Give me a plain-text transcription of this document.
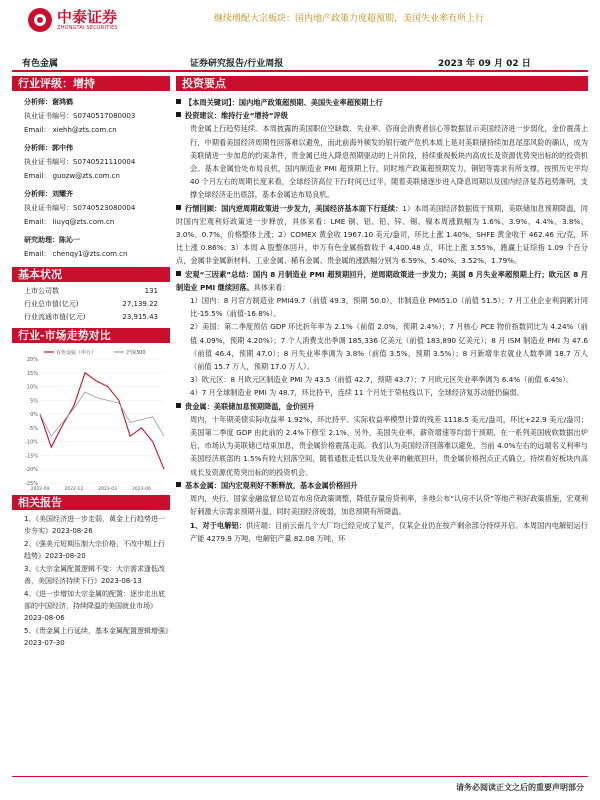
中泰证券
ZHONGTAI SECURITIES
继续增配大宗板块：国内地产政策力度超预期，美国失业率有所上行
有色金属	证券研究报告/行业周报	2023 年 09 月 02 日
行业评级：增持
分析师：谢鸿鹤
执业证书编号：S0740517080003
Email： xiehh@zts.com.cn
分析师：郭中伟
执业证书编号：S0740521110004
Email： guozw@zts.com.cn
分析师：刘耀齐
执业证书编号：S0740523080004
Email： liuyq@zts.com.cn
研究助理：陈沁一
Email： chenqy1@zts.com.cn
基本状况
上市公司数	131
行业总市值(亿元)	27,139.22
行业流通市值(亿元)	23,915.43
行业-市场走势对比
20%
15%
10%
5%
0%
-5%
-10%
-15%
-20%
-25%
2022-09	2022-12	2023-03	2023-06
有色金属（申万）	沪深300
相关报告
1、《美国经济进一步走弱，黄金上行趋势进一步夯实》2023-08-26
2、《强美元短期压制大宗价格，不改中期上行趋势》2023-08-20
3、《大宗金属配置逻辑不变：大宗需求逢低改善，美国经济持续下行》2023-08-13
4、《进一步增加大宗金属的配置：逐步走出底部的中国经济，持续降温的美国就业市场》2023-08-06
5、《贵金属上行延续，基本金属配置逻辑增强》2023-07-30
投资要点
【本周关键词】：国内地产政策超预期、美国失业率超预期上行
投资建议：维持行业“增持”评级
贵金属上行趋势延续。本周披露的美国职位空缺数、失业率、咨商会消费者信心等数据显示美国经济进一步弱化，金价震荡上行，中期看美国经济周期性回落难以避免，而此前海外频发的银行破产危机本质上是对美联储持续加息尾部风险的确认，成为美联储进一步加息的约束条件，贵金属已进入降息预期驱动的上升阶段，持续重视板块内高成长及资源优势突出标的的投资机会。基本金属恰处布局良机，国内制造业 PMI 超预期上行，同时地产政策超预期发力，铜铝等需求有所支撑，按照历史平均 40 个月左右的周期长度来看，全球经济高位下行时间已过半，随着美联储逐步进入降息周期以及国内经济复苏趋势渐明，支撑全球经济走出底部，基本金属达布局良机。
行情回顾：国内逆周期政策进一步发力，美国经济基本面下行延续：1）本周美国经济数据低于预期，美联储加息预期降温，同时国内宏观利好政策进一步释放，具体来看：LME 铜、铝、铅、锌、锡、镍本周涨跌幅为 1.6%、3.9%、4.4%、3.8%、3.0%、0.7%，价格整体上涨；2）COMEX 黄金收 1967.10 美元/盎司，环比上涨 1.40%，SHFE 黄金收于 462.46 元/克，环比上涨 0.86%；3）本周 A 股整体回升，申万有色金属指数收于 4,400.48 点，环比上涨 3.55%，跑赢上证综指 1.09 个百分点，金属非金属新材料、工业金属、稀有金属、贵金属的涨跌幅分别为 6.59%、5.40%、3.52%、1.79%。
宏观“三因素”总结：国内 8 月制造业 PMI 超预期回升，逆周期政策进一步发力；美国 8 月失业率超预期上行；欧元区 8 月制造业 PMI 继续回落。具体来看：
1）国内：8 月官方制造业 PMI49.7（前值 49.3，预期 50.0），非制造业 PMI51.0（前值 51.5）；7 月工业企业利润累计同比-15.5%（前值-16.8%）。
2）美国：第二季度预估 GDP 环比折年率为 2.1%（前值 2.0%，预期 2.4%）；7 月核心 PCE 物价指数同比为 4.24%（前值 4.09%，预期 4.20%）；7 个人消费支出季调 185,336 亿美元（前值 183,890 亿美元）；8 月 ISM 制造业 PMI 为 47.6（前值 46.4，预期 47.0）；8 月失业率季调为 3.8%（前值 3.5%，预期 3.5%）；8 月新增非农就业人数季调 18.7 万人（前值 15.7 万人，预期 17.0 万人）。
3）欧元区：8 月欧元区制造业 PMI 为 43.5（前值 42.7，预期 43.7）；7 月欧元区失业率季调为 6.4%（前值 6.4%）。
4）7 月全球制造业 PMI 为 48.7，环比持平，连续 11 个月处于荣枯线以下，全球经济复苏动能仍偏弱。
贵金属：美联储加息预期降温，金价回升
周内，十年期美债实际收益率 1.92%，环比持平。实际收益率模型计算的残差 1118.5 美元/盎司，环比+22.9 美元/盎司；美国第二季度 GDP 由此前的 2.4%下修至 2.1%，另外，美国失业率、薪资增速等均弱于预期，在一系列美国疲软数据出炉后，市场认为美联储已结束加息，贵金属价格震荡走高。我们认为美国经济回落难以避免，当前 4.0%左右的远端名义利率与美国经济底部的 1.5%有较大回落空间，随着通胀走低以及失业率的触底回升，贵金属价格拐点正式确立，持续看好板块内高成长及资源优势突出标的的投资机会。
基本金属：国内宏观利好不断释放，基本金属价格回升
周内，央行、国家金融监督总局宣布房贷政策调整，降低存量房贷利率，多地公布“认房不认贷”等地产利好政策措施，宏观利好刺激大宗需求预期升温，同时美国经济疲弱，加息预期有所降温。
1、对于电解铝：供应端：目前云南几个大厂均已经完成了复产，仅某企业仍在按产剩余部分持续开启。本周国内电解铝运行产能 4279.9 万吨，电解铝产量 82.08 万吨，环
请务必阅读正文之后的重要声明部分
